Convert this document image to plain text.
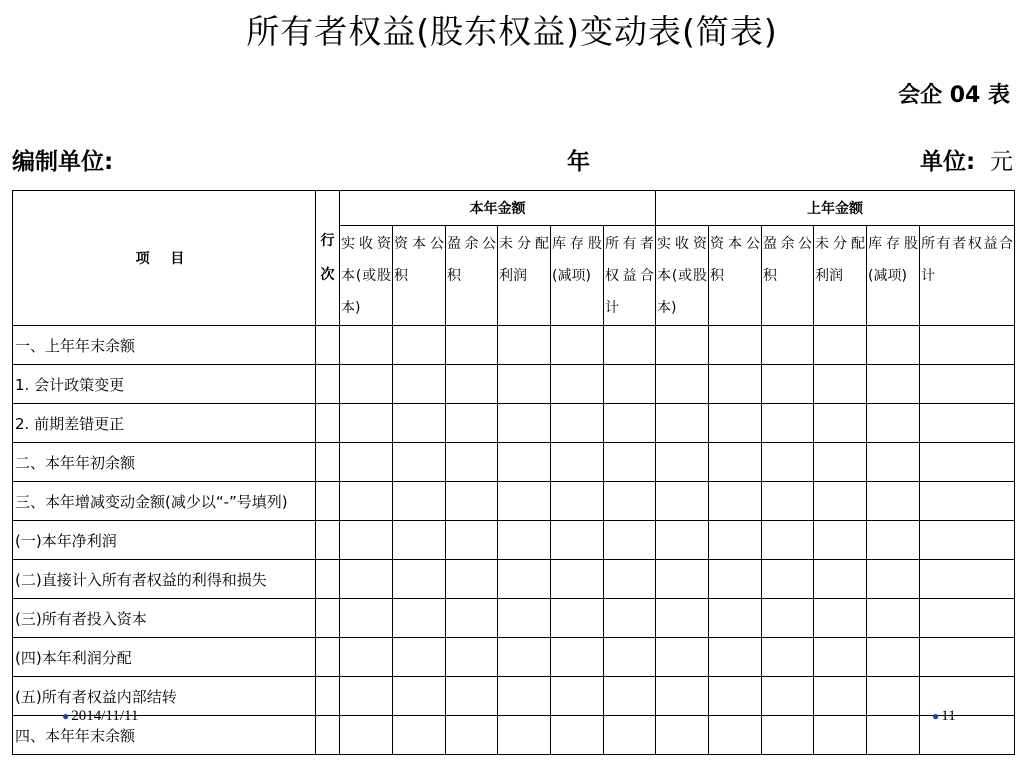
所有者权益(股东权益)变动表(简表)
会企 04 表
编制单位:	年	单位: 元
项 目	行次	本年金额						上年金额					
		实收资本(或股本)	资本公积	盈余公积	未分配利润	库存股(减项)	所有者权益合计	实收资本(或股本)	资本公积	盈余公积	未分配利润	库存股(减项)	所有者权益合计
一、上年年末余额													
1. 会计政策变更													
2. 前期差错更正													
二、本年年初余额													
三、本年增减变动金额(减少以“-”号填列)													
(一)本年净利润													
(二)直接计入所有者权益的利得和损失													
(三)所有者投入资本													
(四)本年利润分配													
(五)所有者权益内部结转													
四、本年年末余额													
● 2014/11/11	● 11
